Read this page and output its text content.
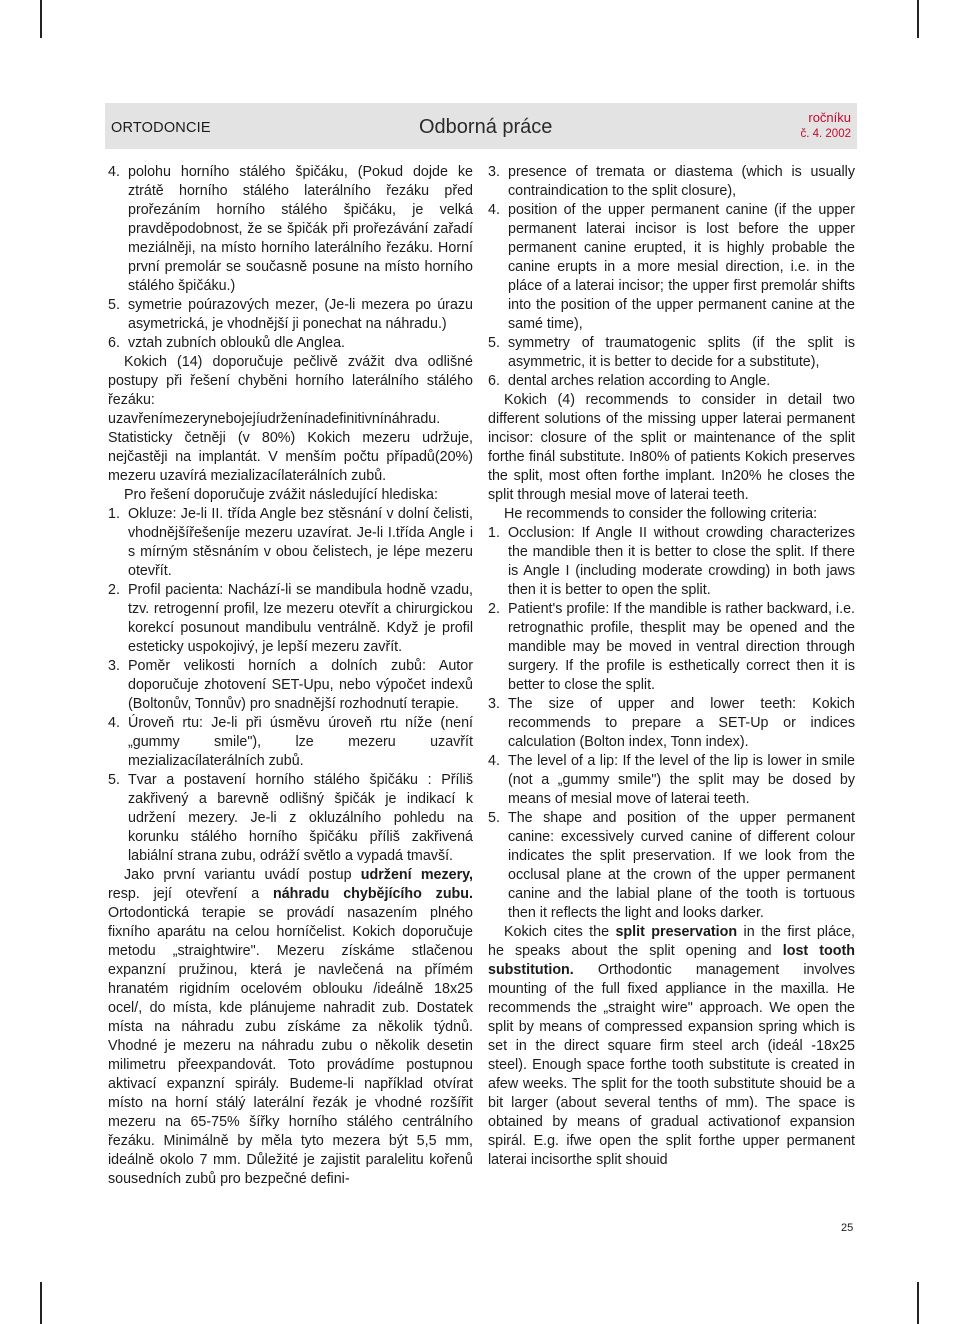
ORTODONCIE	Odborná práce	ročníku
č. 4. 2002
4. polohu horního stálého špičáku, (Pokud dojde ke ztrátě horního stálého laterálního řezáku před prořezáním horního stálého špičáku, je velká pravděpodobnost, že se špičák při prořezávání zařadí meziálněji, na místo horního laterálního řezáku. Horní první premolár se současně posune na místo horního stálého špičáku.)
5. symetrie poúrazových mezer, (Je-li mezera po úrazu asymetrická, je vhodnější ji ponechat na náhradu.)
6. vztah zubních oblouků dle Anglea.

Kokich (14) doporučuje pečlivě zvážit dva odlišné postupy při řešení chyběni horního laterálního stálého řezáku: uzavřenímezerynebojejíudrženínadefinitivnínáhradu. Statisticky četněji (v 80%) Kokich mezeru udržuje, nejčastěji na implantát. V menším počtu případů(20%) mezeru uzavírá mezializacílaterálních zubů.

Pro řešení doporučuje zvážit následující hlediska:

1. Okluze: Je-li II. třída Angle bez stěsnání v dolní čelisti, vhodnějšířešeníje mezeru uzavírat. Je-li I.třída Angle i s mírným stěsnáním v obou čelistech, je lépe mezeru otevřít.
2. Profil pacienta: Nachází-li se mandibula hodně vzadu, tzv. retrogenní profil, lze mezeru otevřít a chirurgickou korekcí posunout mandibulu ventrálně. Když je profil esteticky uspokojivý, je lepší mezeru zavřít.
3. Poměr velikosti horních a dolních zubů: Autor doporučuje zhotovení SET-Upu, nebo výpočet indexů (Boltonův, Tonnův) pro snadnější rozhodnutí terapie.
4. Úroveň rtu: Je-li při úsměvu úroveň rtu níže (není „gummy smile"), lze mezeru uzavřít mezializacílaterálních zubů.
5. Tvar a postavení horního stálého špičáku : Příliš zakřivený a barevně odlišný špičák je indikací k udržení mezery. Je-li z okluzálního pohledu na korunku stálého horního špičáku příliš zakřivená labiální strana zubu, odráží světlo a vypadá tmavší.

Jako první variantu uvádí postup udržení mezery, resp. její otevření a náhradu chybějícího zubu. Ortodontická terapie se provádí nasazením plného fixního aparátu na celou horníčelist. Kokich doporučuje metodu „straightwire". Mezeru získáme stlačenou expanzní pružinou, která je navlečená na přímém hranatém rigidním ocelovém oblouku /ideálně 18x25 ocel/, do místa, kde plánujeme nahradit zub. Dostatek místa na náhradu zubu získáme za několik týdnů. Vhodné je mezeru na náhradu zubu o několik desetin milimetru přeexpandovát. Toto provádíme postupnou aktivací expanzní spirály. Budeme-li například otvírat místo na horní stálý laterální řezák je vhodné rozšířit mezeru na 65-75% šířky horního stálého centrálního řezáku. Minimálně by měla tyto mezera být 5,5 mm, ideálně okolo 7 mm. Důležité je zajistit paralelitu kořenů sousedních zubů pro bezpečné defini-

3. presence of tremata or diastema (which is usually contraindication to the split closure),
4. position of the upper permanent canine (if the upper permanent laterai incisor is lost before the upper permanent canine erupted, it is highly probable the canine erupts in a more mesial direction, i.e. in the pláce of a laterai incisor; the upper first premolár shifts into the position of the upper permanent canine at the samé time),
5. symmetry of traumatogenic splits (if the split is asymmetric, it is better to decide for a substitute),
6. dental arches relation according to Angle.

Kokich (4) recommends to consider in detail two different solutions of the missing upper laterai permanent incisor: closure of the split or maintenance of the split forthe finál substitute. In80% of patients Kokich preserves the split, most often forthe implant. In20% he closes the split through mesial move of laterai teeth.

He recommends to consider the following criteria:

1. Occlusion: If Angle II without crowding characterizes the mandible then it is better to close the split. If there is Angle I (including moderate crowding) in both jaws then it is better to open the split.
2. Patient's profile: If the mandible is rather backward, i.e. retrognathic profile, thesplit may be opened and the mandible may be moved in ventral direction through surgery. If the profile is esthetically correct then it is better to close the split.
3. The size of upper and lower teeth: Kokich recommends to prepare a SET-Up or indices calculation (Bolton index, Tonn index).
4. The level of a lip: If the level of the lip is lower in smile (not a „gummy smile") the split may be dosed by means of mesial move of laterai teeth.
5. The shape and position of the upper permanent canine: excessively curved canine of different colour indicates the split preservation. If we look from the occlusal plane at the crown of the upper permanent canine and the labial plane of the tooth is tortuous then it reflects the light and looks darker.

Kokich cites the split preservation in the first pláce, he speaks about the split opening and lost tooth substitution. Orthodontic management involves mounting of the full fixed appliance in the maxilla. He recommends the „straight wire" approach. We open the split by means of compressed expansion spring which is set in the direct square firm steel arch (ideál -18x25 steel). Enough space forthe tooth substitute is created in afew weeks. The split for the tooth substitute shouid be a bit larger (about several tenths of mm). The space is obtained by means of gradual activationof expansion spirál. E.g. ifwe open the split forthe upper permanent laterai incisorthe split shouid

25
